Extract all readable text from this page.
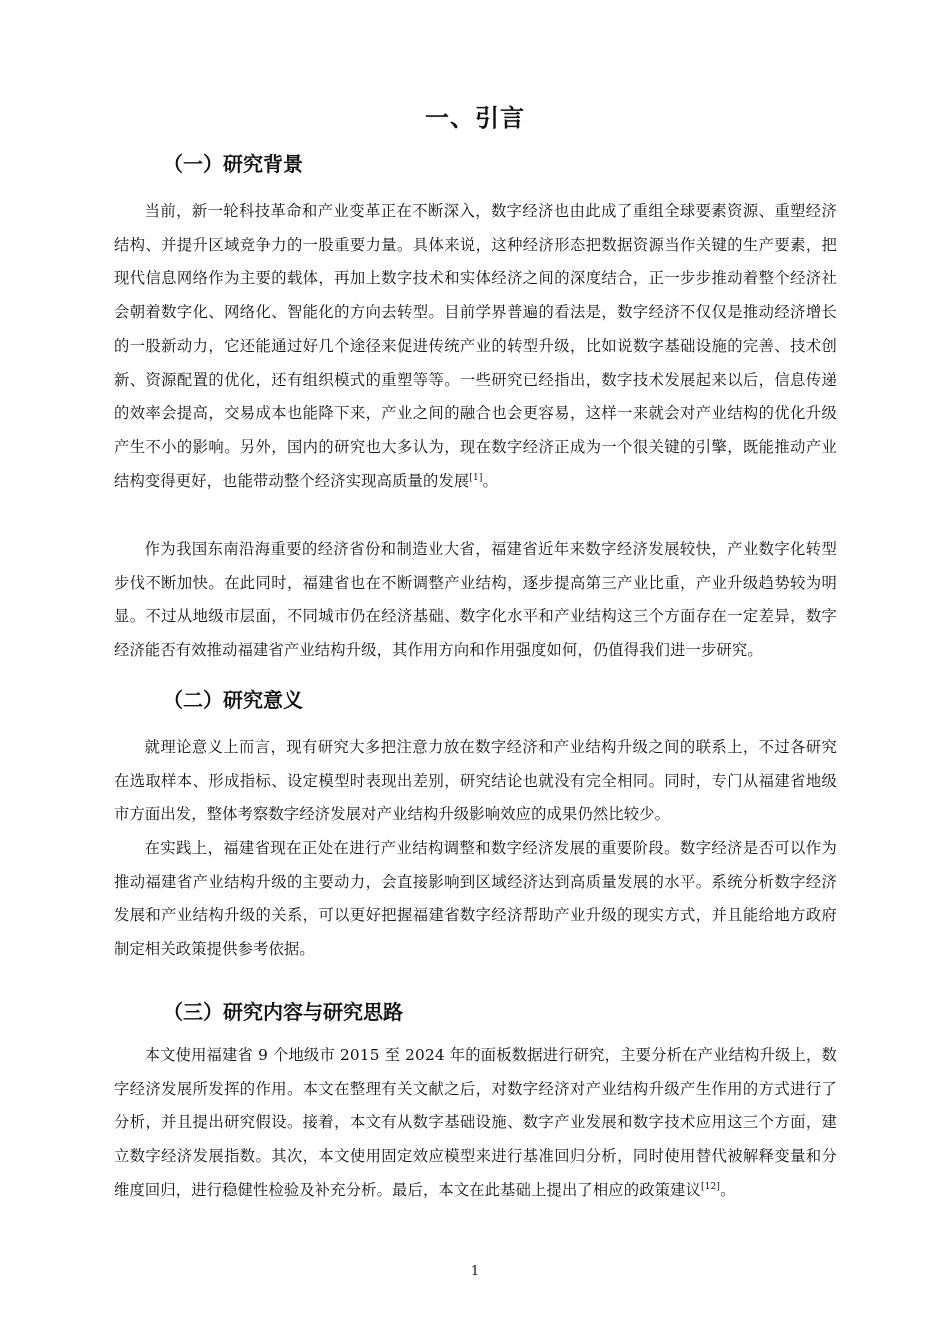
一、引言
（一）研究背景

当前，新一轮科技革命和产业变革正在不断深入，数字经济也由此成了重组全球要素资源、重塑经济结构、并提升区域竞争力的一股重要力量。具体来说，这种经济形态把数据资源当作关键的生产要素，把现代信息网络作为主要的载体，再加上数字技术和实体经济之间的深度结合，正一步步推动着整个经济社会朝着数字化、网络化、智能化的方向去转型。目前学界普遍的看法是，数字经济不仅仅是推动经济增长的一股新动力，它还能通过好几个途径来促进传统产业的转型升级，比如说数字基础设施的完善、技术创新、资源配置的优化，还有组织模式的重塑等等。一些研究已经指出，数字技术发展起来以后，信息传递的效率会提高，交易成本也能降下来，产业之间的融合也会更容易，这样一来就会对产业结构的优化升级产生不小的影响。另外，国内的研究也大多认为，现在数字经济正成为一个很关键的引擎，既能推动产业结构变得更好，也能带动整个经济实现高质量的发展[1]。

作为我国东南沿海重要的经济省份和制造业大省，福建省近年来数字经济发展较快，产业数字化转型步伐不断加快。在此同时，福建省也在不断调整产业结构，逐步提高第三产业比重，产业升级趋势较为明显。不过从地级市层面，不同城市仍在经济基础、数字化水平和产业结构这三个方面存在一定差异，数字经济能否有效推动福建省产业结构升级，其作用方向和作用强度如何，仍值得我们进一步研究。

（二）研究意义

就理论意义上而言，现有研究大多把注意力放在数字经济和产业结构升级之间的联系上，不过各研究在选取样本、形成指标、设定模型时表现出差别，研究结论也就没有完全相同。同时，专门从福建省地级市方面出发，整体考察数字经济发展对产业结构升级影响效应的成果仍然比较少。

在实践上，福建省现在正处在进行产业结构调整和数字经济发展的重要阶段。数字经济是否可以作为推动福建省产业结构升级的主要动力，会直接影响到区域经济达到高质量发展的水平。系统分析数字经济发展和产业结构升级的关系，可以更好把握福建省数字经济帮助产业升级的现实方式，并且能给地方政府制定相关政策提供参考依据。

（三）研究内容与研究思路

本文使用福建省 9 个地级市 2015 至 2024 年的面板数据进行研究，主要分析在产业结构升级上，数字经济发展所发挥的作用。本文在整理有关文献之后，对数字经济对产业结构升级产生作用的方式进行了分析，并且提出研究假设。接着，本文有从数字基础设施、数字产业发展和数字技术应用这三个方面，建立数字经济发展指数。其次，本文使用固定效应模型来进行基准回归分析，同时使用替代被解释变量和分维度回归，进行稳健性检验及补充分析。最后，本文在此基础上提出了相应的政策建议[12]。

1
